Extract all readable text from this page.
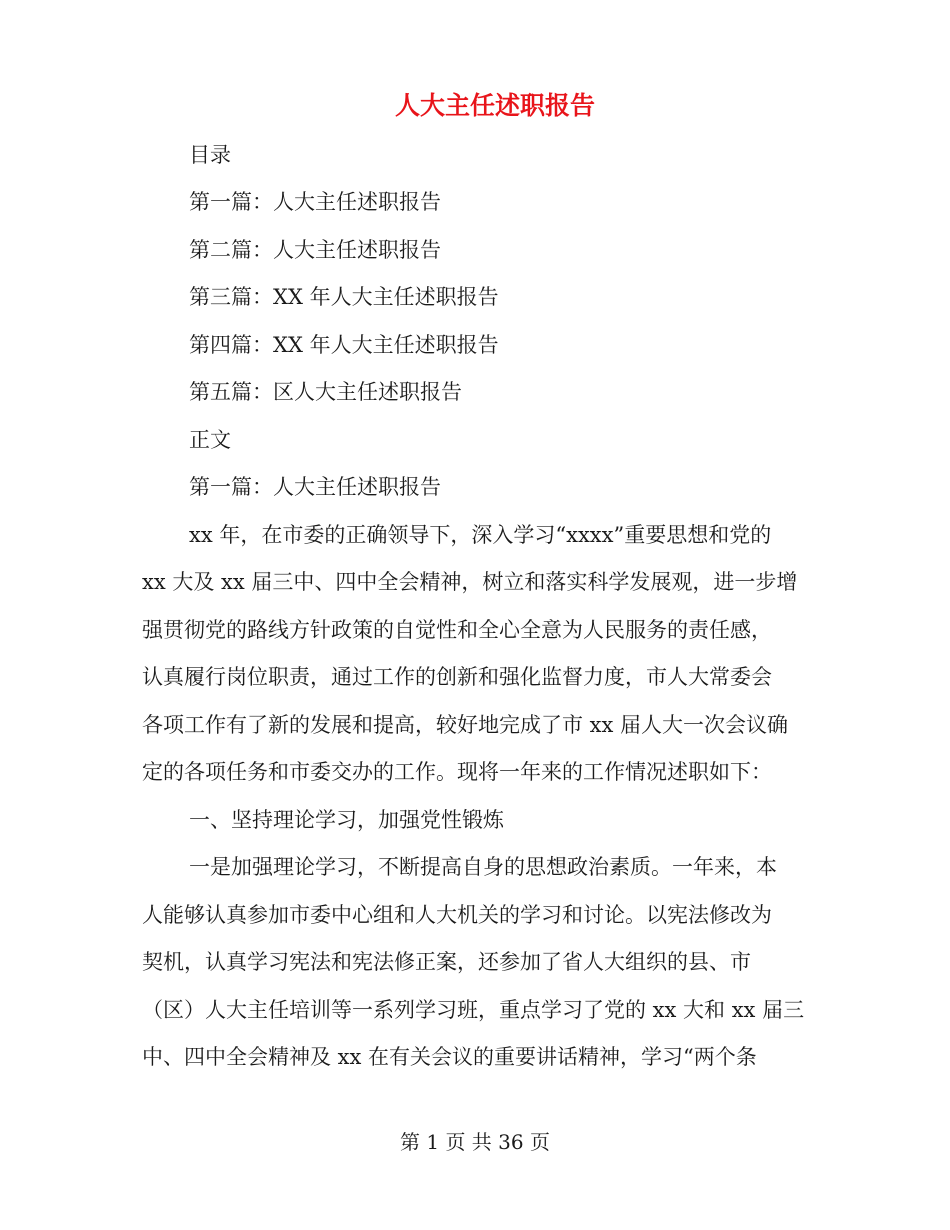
人大主任述职报告

目录

第一篇：人大主任述职报告

第二篇：人大主任述职报告

第三篇：XX 年人大主任述职报告

第四篇：XX 年人大主任述职报告

第五篇：区人大主任述职报告

正文

第一篇：人大主任述职报告

xx 年，在市委的正确领导下，深入学习“xxxx”重要思想和党的

xx 大及 xx 届三中、四中全会精神，树立和落实科学发展观，进一步增

强贯彻党的路线方针政策的自觉性和全心全意为人民服务的责任感，

认真履行岗位职责，通过工作的创新和强化监督力度，市人大常委会

各项工作有了新的发展和提高，较好地完成了市 xx 届人大一次会议确

定的各项任务和市委交办的工作。现将一年来的工作情况述职如下：

一、坚持理论学习，加强党性锻炼

一是加强理论学习，不断提高自身的思想政治素质。一年来，本

人能够认真参加市委中心组和人大机关的学习和讨论。以宪法修改为

契机，认真学习宪法和宪法修正案，还参加了省人大组织的县、市

（区）人大主任培训等一系列学习班，重点学习了党的 xx 大和 xx 届三

中、四中全会精神及 xx 在有关会议的重要讲话精神，学习“两个条

第 1 页 共 36 页
